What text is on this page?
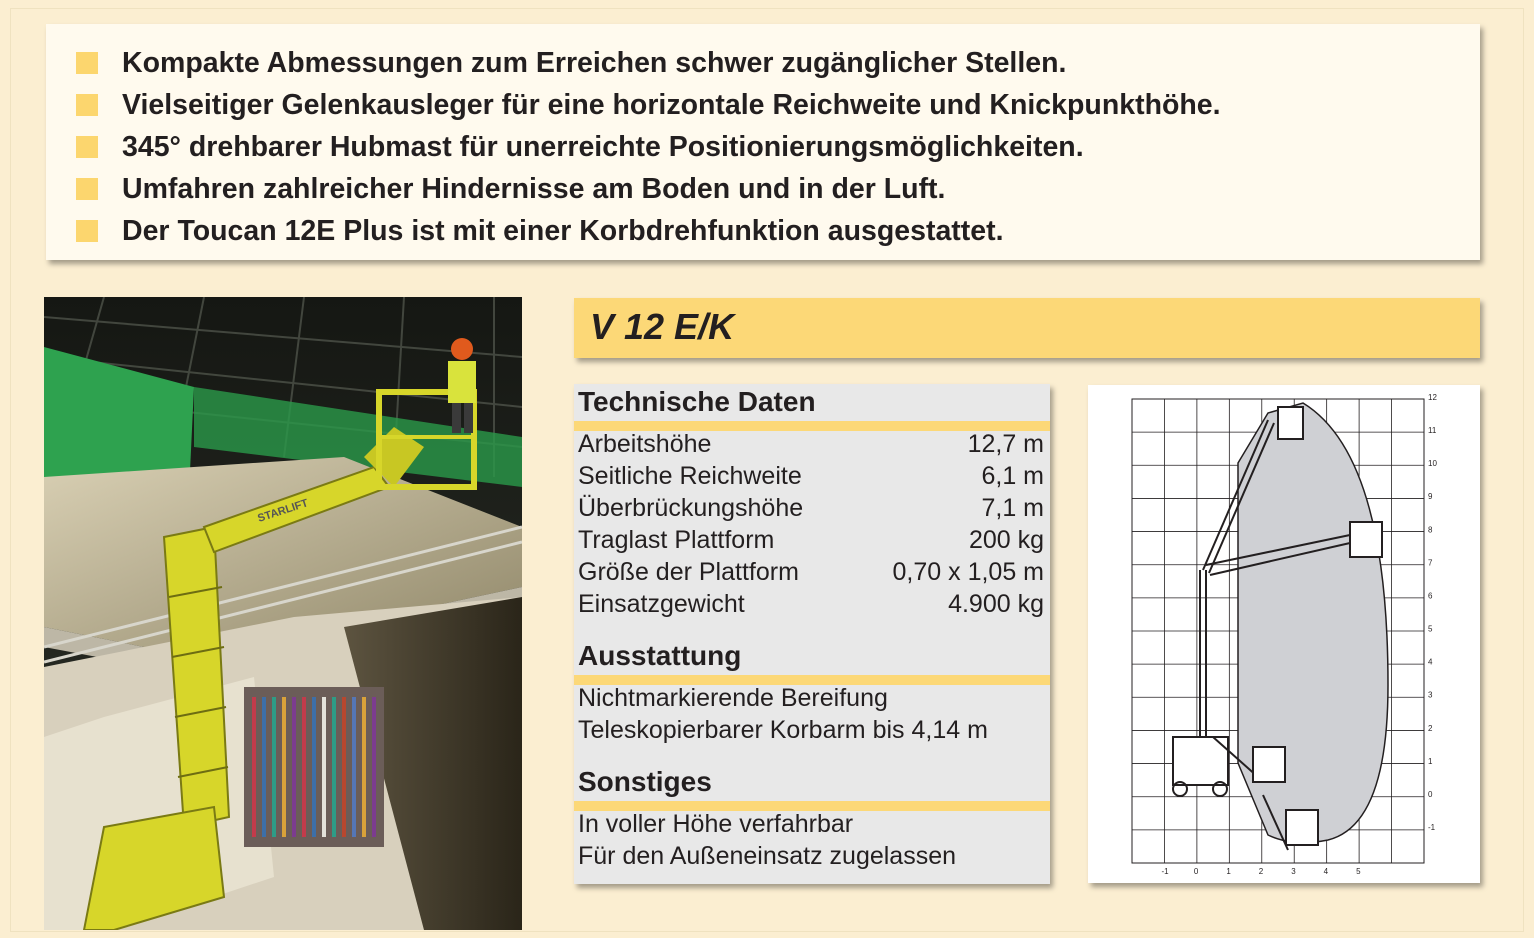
Kompakte Abmessungen zum Erreichen schwer zugänglicher Stellen.
Vielseitiger Gelenkausleger für eine horizontale Reichweite und Knickpunkthöhe.
345° drehbarer Hubmast für unerreichte Positionierungsmöglichkeiten.
Umfahren zahlreicher Hindernisse am Boden und in der Luft.
Der Toucan 12E Plus ist mit einer Korbdrehfunktion ausgestattet.
STARLIFT
V 12 E/K
Technische Daten
Arbeitshöhe	12,7 m
Seitliche Reichweite	6,1 m
Überbrückungshöhe	7,1 m
Traglast Plattform	200 kg
Größe der Plattform	0,70 x 1,05 m
Einsatzgewicht	4.900 kg
Ausstattung
Nichtmarkierende Bereifung
Teleskopierbarer Korbarm bis 4,14 m
Sonstiges
In voller Höhe verfahrbar
Für den Außeneinsatz zugelassen
-1	0	1	2	3	4	5
-1
0
1
2
3
4
5
6
7
8
9
10
11
12
